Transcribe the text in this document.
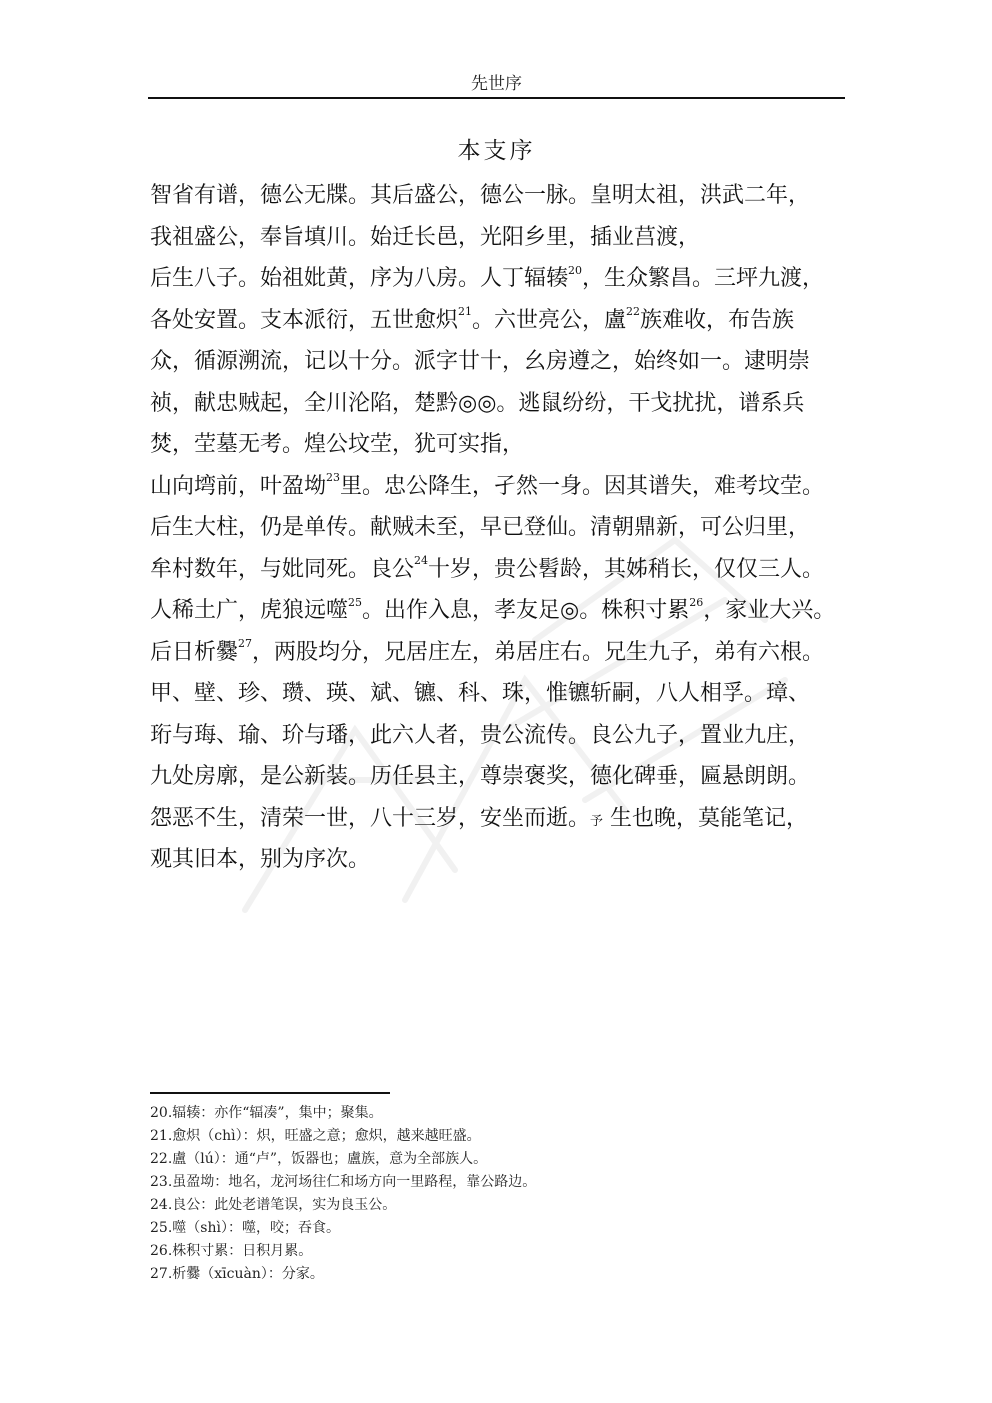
先世序
本支序
智省有谱，德公无牒。其后盛公，德公一脉。皇明太祖，洪武二年，
我祖盛公，奉旨填川。始迁长邑，光阳乡里，插业莒渡，
后生八子。始祖妣黄，序为八房。人丁辐辏$^{20}$，生众繁昌。三坪九渡，
各处安置。支本派衍，五世愈炽$^{21}$。六世亮公，盧$^{22}$族难收，布告族
众，循源溯流，记以十分。派字廿十，幺房遵之，始终如一。逮明崇
祯，献忠贼起，全川沦陷，楚黔◎◎。逃鼠纷纷，干戈扰扰，谱系兵
焚，茔墓无考。煌公坟茔，犹可实指，
山向塆前，叶盈坳$^{23}$里。忠公降生，孑然一身。因其谱失，难考坟茔。
后生大柱，仍是单传。献贼未至，早已登仙。清朝鼎新，可公归里，
牟村数年，与妣同死。良公$^{24}$十岁，贵公髫龄，其姊稍长，仅仅三人。
人稀土广，虎狼远噬$^{25}$。出作入息，孝友足◎。株积寸累$^{26}$，家业大兴。
后日析爨$^{27}$，两股均分，兄居庄左，弟居庄右。兄生九子，弟有六根。
甲、壁、珍、瓒、瑛、斌、镳、科、珠，惟镳斩嗣，八人相孚。璋、
珩与珻、瑜、玠与璠，此六人者，贵公流传。良公九子，置业九庄，
九处房廓，是公新装。历任县主，尊崇褒奖，德化碑垂，匾悬朗朗。
怨恶不生，清荣一世，八十三岁，安坐而逝。予 生也晚，莫能笔记，
观其旧本，别为序次。
20.辐辏：亦作“辐凑”，集中；聚集。
21.愈炽（chì）：炽，旺盛之意；愈炽，越来越旺盛。
22.盧（lú）：通“卢”，饭器也；盧族，意为全部族人。
23.虽盈坳：地名，龙河场往仁和场方向一里路程，靠公路边。
24.良公：此处老谱笔误，实为良玉公。
25.噬（shì）：噬，咬；吞食。
26.株积寸累：日积月累。
27.析爨（xīcuàn）：分家。
